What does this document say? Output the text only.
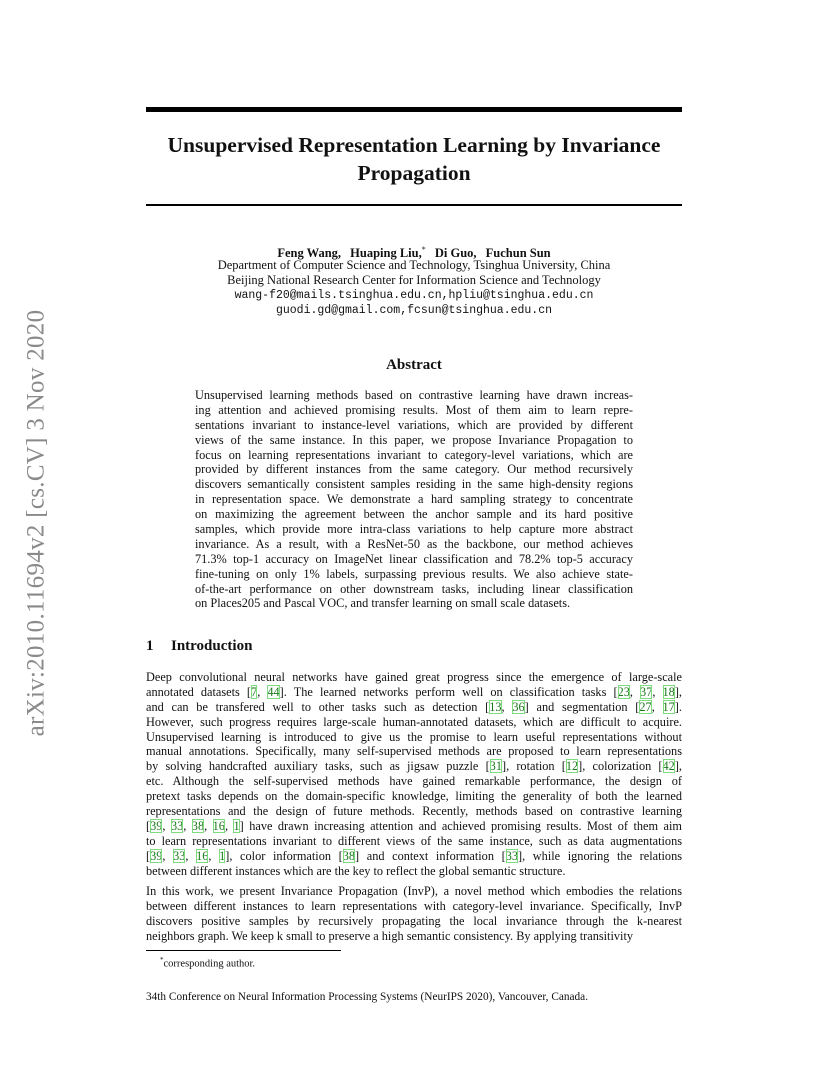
arXiv:2010.11694v2 [cs.CV] 3 Nov 2020
Unsupervised Representation Learning by Invariance
Propagation
Feng Wang, Huaping Liu,* Di Guo, Fuchun Sun
Department of Computer Science and Technology, Tsinghua University, China
Beijing National Research Center for Information Science and Technology
wang-f20@mails.tsinghua.edu.cn,hpliu@tsinghua.edu.cn
guodi.gd@gmail.com,fcsun@tsinghua.edu.cn
Abstract
Unsupervised learning methods based on contrastive learning have drawn increas-
ing attention and achieved promising results. Most of them aim to learn repre-
sentations invariant to instance-level variations, which are provided by different
views of the same instance. In this paper, we propose Invariance Propagation to
focus on learning representations invariant to category-level variations, which are
provided by different instances from the same category. Our method recursively
discovers semantically consistent samples residing in the same high-density regions
in representation space. We demonstrate a hard sampling strategy to concentrate
on maximizing the agreement between the anchor sample and its hard positive
samples, which provide more intra-class variations to help capture more abstract
invariance. As a result, with a ResNet-50 as the backbone, our method achieves
71.3% top-1 accuracy on ImageNet linear classification and 78.2% top-5 accuracy
fine-tuning on only 1% labels, surpassing previous results. We also achieve state-
of-the-art performance on other downstream tasks, including linear classification
on Places205 and Pascal VOC, and transfer learning on small scale datasets.
1 Introduction
Deep convolutional neural networks have gained great progress since the emergence of large-scale
annotated datasets [7, 44]. The learned networks perform well on classification tasks [23, 37, 18],
and can be transfered well to other tasks such as detection [13, 36] and segmentation [27, 17].
However, such progress requires large-scale human-annotated datasets, which are difficult to acquire.
Unsupervised learning is introduced to give us the promise to learn useful representations without
manual annotations. Specifically, many self-supervised methods are proposed to learn representations
by solving handcrafted auxiliary tasks, such as jigsaw puzzle [31], rotation [12], colorization [42],
etc. Although the self-supervised methods have gained remarkable performance, the design of
pretext tasks depends on the domain-specific knowledge, limiting the generality of both the learned
representations and the design of future methods. Recently, methods based on contrastive learning
[39, 33, 38, 16, 1] have drawn increasing attention and achieved promising results. Most of them aim
to learn representations invariant to different views of the same instance, such as data augmentations
[39, 33, 16, 1], color information [38] and context information [33], while ignoring the relations
between different instances which are the key to reflect the global semantic structure.
In this work, we present Invariance Propagation (InvP), a novel method which embodies the relations
between different instances to learn representations with category-level invariance. Specifically, InvP
discovers positive samples by recursively propagating the local invariance through the k-nearest
neighbors graph. We keep k small to preserve a high semantic consistency. By applying transitivity
*corresponding author.
34th Conference on Neural Information Processing Systems (NeurIPS 2020), Vancouver, Canada.
